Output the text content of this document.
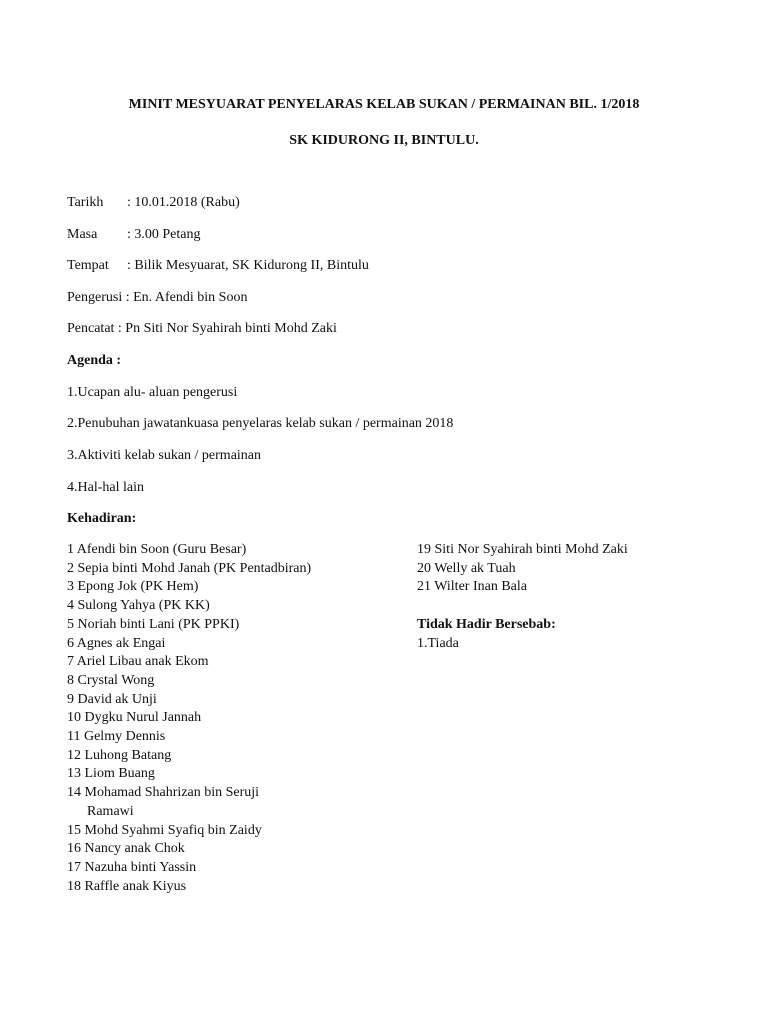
MINIT MESYUARAT PENYELARAS KELAB SUKAN / PERMAINAN BIL. 1/2018
SK KIDURONG II, BINTULU.
Tarikh : 10.01.2018 (Rabu)
Masa : 3.00 Petang
Tempat : Bilik Mesyuarat, SK Kidurong II, Bintulu
Pengerusi : En. Afendi bin Soon
Pencatat : Pn Siti Nor Syahirah binti Mohd Zaki
Agenda :
1.Ucapan alu- aluan pengerusi
2.Penubuhan jawatankuasa penyelaras kelab sukan / permainan 2018
3.Aktiviti kelab sukan / permainan
4.Hal-hal lain
Kehadiran:
1 Afendi bin Soon (Guru Besar)
2 Sepia binti Mohd Janah (PK Pentadbiran)
3 Epong Jok (PK Hem)
4 Sulong Yahya (PK KK)
5 Noriah binti Lani (PK PPKI)
6 Agnes ak Engai
7 Ariel Libau anak Ekom
8 Crystal Wong
9 David ak Unji
10 Dygku Nurul Jannah
11 Gelmy Dennis
12 Luhong Batang
13 Liom Buang
14 Mohamad Shahrizan bin Seruji
Ramawi
15 Mohd Syahmi Syafiq bin Zaidy
16 Nancy anak Chok
17 Nazuha binti Yassin
18 Raffle anak Kiyus
19 Siti Nor Syahirah binti Mohd Zaki
20 Welly ak Tuah
21 Wilter Inan Bala
Tidak Hadir Bersebab:
1.Tiada
